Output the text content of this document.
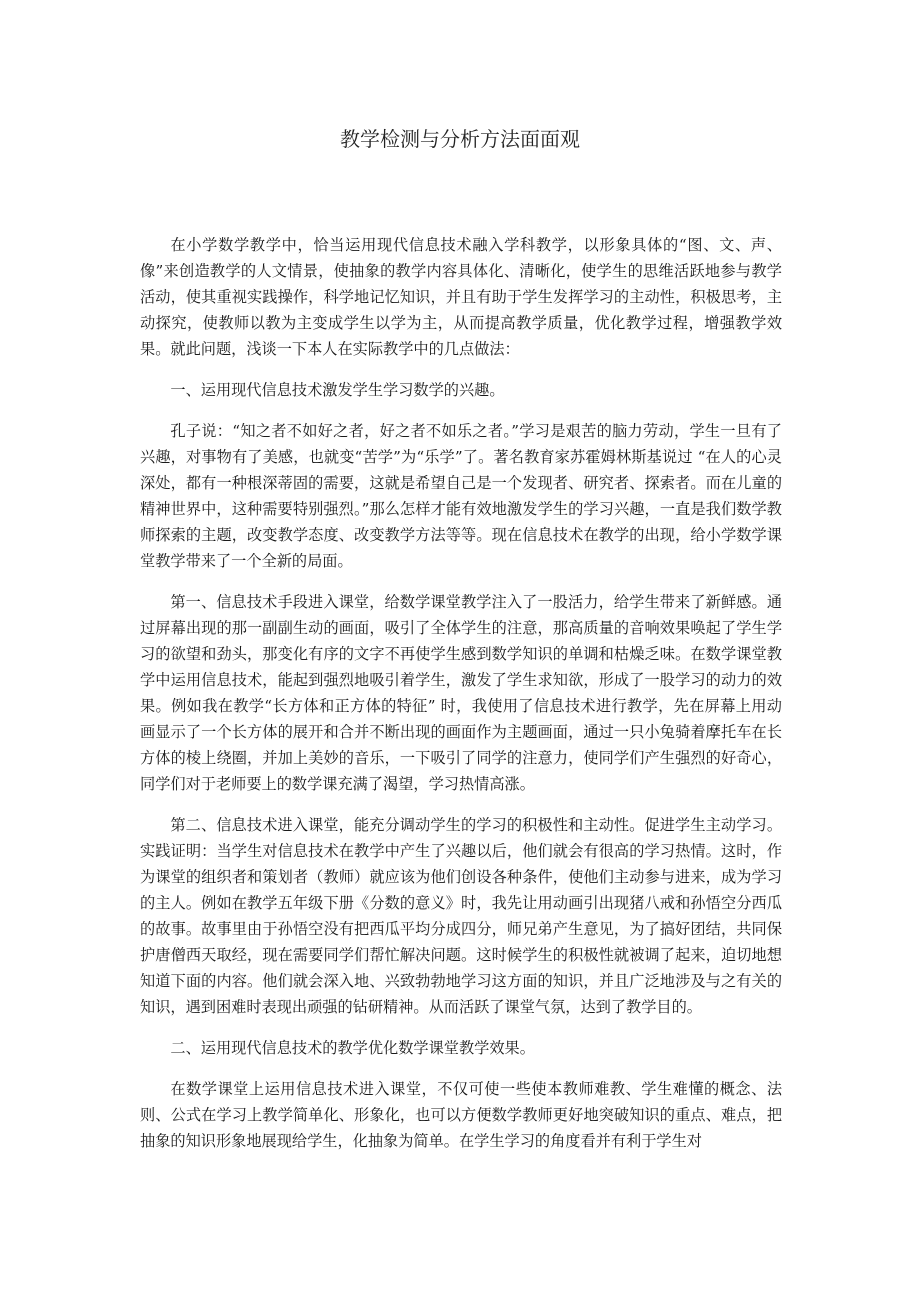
教学检测与分析方法面面观

在小学数学教学中，恰当运用现代信息技术融入学科教学，以形象具体的“图、文、声、像”来创造教学的人文情景，使抽象的教学内容具体化、清晰化，使学生的思维活跃地参与教学活动，使其重视实践操作，科学地记忆知识，并且有助于学生发挥学习的主动性，积极思考，主动探究，使教师以教为主变成学生以学为主，从而提高教学质量，优化教学过程，增强教学效果。就此问题，浅谈一下本人在实际教学中的几点做法：

一、运用现代信息技术激发学生学习数学的兴趣。

孔子说：“知之者不如好之者，好之者不如乐之者。”学习是艰苦的脑力劳动，学生一旦有了兴趣，对事物有了美感，也就变“苦学”为“乐学”了。著名教育家苏霍姆林斯基说过 “在人的心灵深处，都有一种根深蒂固的需要，这就是希望自己是一个发现者、研究者、探索者。而在儿童的精神世界中，这种需要特别强烈。”那么怎样才能有效地激发学生的学习兴趣，一直是我们数学教师探索的主题，改变教学态度、改变教学方法等等。现在信息技术在教学的出现，给小学数学课堂教学带来了一个全新的局面。

第一、信息技术手段进入课堂，给数学课堂教学注入了一股活力，给学生带来了新鲜感。通过屏幕出现的那一副副生动的画面，吸引了全体学生的注意，那高质量的音响效果唤起了学生学习的欲望和劲头，那变化有序的文字不再使学生感到数学知识的单调和枯燥乏味。在数学课堂教学中运用信息技术，能起到强烈地吸引着学生，激发了学生求知欲，形成了一股学习的动力的效果。例如我在教学“长方体和正方体的特征” 时，我使用了信息技术进行教学，先在屏幕上用动画显示了一个长方体的展开和合并不断出现的画面作为主题画面，通过一只小兔骑着摩托车在长方体的棱上绕圈，并加上美妙的音乐，一下吸引了同学的注意力，使同学们产生强烈的好奇心，同学们对于老师要上的数学课充满了渴望，学习热情高涨。

第二、信息技术进入课堂，能充分调动学生的学习的积极性和主动性。促进学生主动学习。实践证明：当学生对信息技术在教学中产生了兴趣以后，他们就会有很高的学习热情。这时，作为课堂的组织者和策划者（教师）就应该为他们创设各种条件，使他们主动参与进来，成为学习的主人。例如在教学五年级下册《分数的意义》时，我先让用动画引出现猪八戒和孙悟空分西瓜的故事。故事里由于孙悟空没有把西瓜平均分成四分，师兄弟产生意见，为了搞好团结，共同保护唐僧西天取经，现在需要同学们帮忙解决问题。这时候学生的积极性就被调了起来，迫切地想知道下面的内容。他们就会深入地、兴致勃勃地学习这方面的知识，并且广泛地涉及与之有关的知识，遇到困难时表现出顽强的钻研精神。从而活跃了课堂气氛，达到了教学目的。

二、运用现代信息技术的教学优化数学课堂教学效果。

在数学课堂上运用信息技术进入课堂，不仅可使一些使本教师难教、学生难懂的概念、法则、公式在学习上教学简单化、形象化，也可以方便数学教师更好地突破知识的重点、难点，把抽象的知识形象地展现给学生，化抽象为简单。在学生学习的角度看并有利于学生对
